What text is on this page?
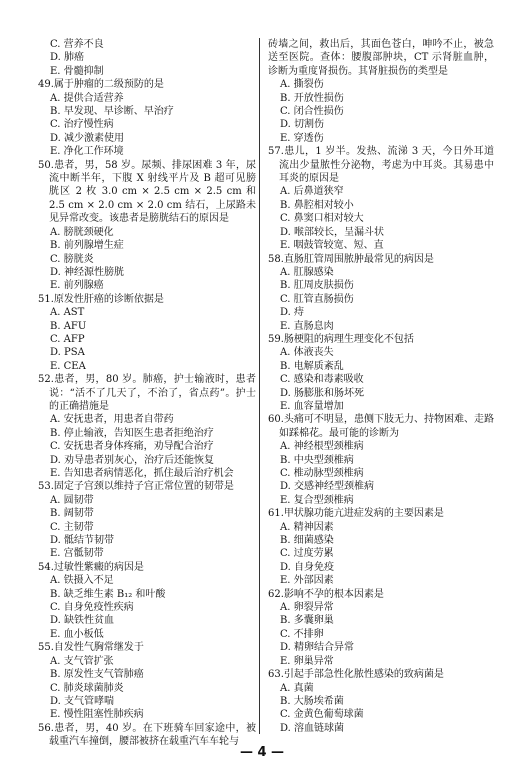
C. 营养不良

D. 肺癌

E. 骨髓抑制

49.属于肿瘤的二级预防的是

A. 提供合适营养

B. 早发现、早诊断、早治疗

C. 治疗慢性病

D. 减少激素使用

E. 净化工作环境

50.患者，男，58 岁。尿频、排尿困难 3 年，尿流中断半年，下腹 X 射线平片及 B 超可见膀胱区 2 枚 3.0 cm × 2.5 cm × 2.5 cm 和 2.5 cm × 2.0 cm × 2.0 cm 结石，上尿路未见异常改变。该患者是膀胱结石的原因是

A. 膀胱颈硬化

B. 前列腺增生症

C. 膀胱炎

D. 神经源性膀胱

E. 前列腺癌

51.原发性肝癌的诊断依据是

A. AST

B. AFU

C. AFP

D. PSA

E. CEA

52.患者，男，80 岁。肺癌，护士输液时，患者说：“活不了几天了，不治了，省点药”。护士的正确措施是

A. 安抚患者，用患者自带药

B. 停止输液，告知医生患者拒绝治疗

C. 安抚患者身体疼痛，劝导配合治疗

D. 劝导患者别灰心，治疗后还能恢复

E. 告知患者病情恶化，抓住最后治疗机会

53.固定子宫颈以维持子宫正常位置的韧带是

A. 圆韧带

B. 阔韧带

C. 主韧带

D. 骶结节韧带

E. 宫骶韧带

54.过敏性紫癜的病因是

A. 铁摄入不足

B. 缺乏维生素 B₁₂ 和叶酸

C. 自身免疫性疾病

D. 缺铁性贫血

E. 血小板低

55.自发性气胸常继发于

A. 支气管扩张

B. 原发性支气管肺癌

C. 肺炎球菌肺炎

D. 支气管哮喘

E. 慢性阻塞性肺疾病

56.患者，男，40 岁。在下班骑车回家途中，被载重汽车撞倒，腰部被挤在载重汽车车轮与

砖墙之间，救出后，其面色苍白，呻吟不止，被急送至医院。查体：腰腹部肿块，CT 示肾脏血肿，诊断为重度肾损伤。其肾脏损伤的类型是

A. 撕裂伤

B. 开放性损伤

C. 闭合性损伤

D. 切割伤

E. 穿透伤

57.患儿，1 岁半。发热、流涕 3 天，今日外耳道流出少量脓性分泌物，考虑为中耳炎。其易患中耳炎的原因是

A. 后鼻道狭窄

B. 鼻腔相对较小

C. 鼻窦口相对较大

D. 喉部较长，呈漏斗状

E. 咽鼓管较宽、短、直

58.直肠肛管周围脓肿最常见的病因是

A. 肛腺感染

B. 肛周皮肤损伤

C. 肛管直肠损伤

D. 痔

E. 直肠息肉

59.肠梗阻的病理生理变化不包括

A. 体液丧失

B. 电解质紊乱

C. 感染和毒素吸收

D. 肠膨胀和肠坏死

E. 血容量增加

60.头痛可不明显，患侧下肢无力、持物困难、走路如踩棉花。最可能的诊断为

A. 神经根型颈椎病

B. 中央型颈椎病

C. 椎动脉型颈椎病

D. 交感神经型颈椎病

E. 复合型颈椎病

61.甲状腺功能亢进症发病的主要因素是

A. 精神因素

B. 细菌感染

C. 过度劳累

D. 自身免疫

E. 外部因素

62.影响不孕的根本因素是

A. 卵裂异常

B. 多囊卵巢

C. 不排卵

D. 精卵结合异常

E. 卵巢异常

63.引起手部急性化脓性感染的致病菌是

A. 真菌

B. 大肠埃希菌

C. 金黄色葡萄球菌

D. 溶血链球菌

— 4 —
